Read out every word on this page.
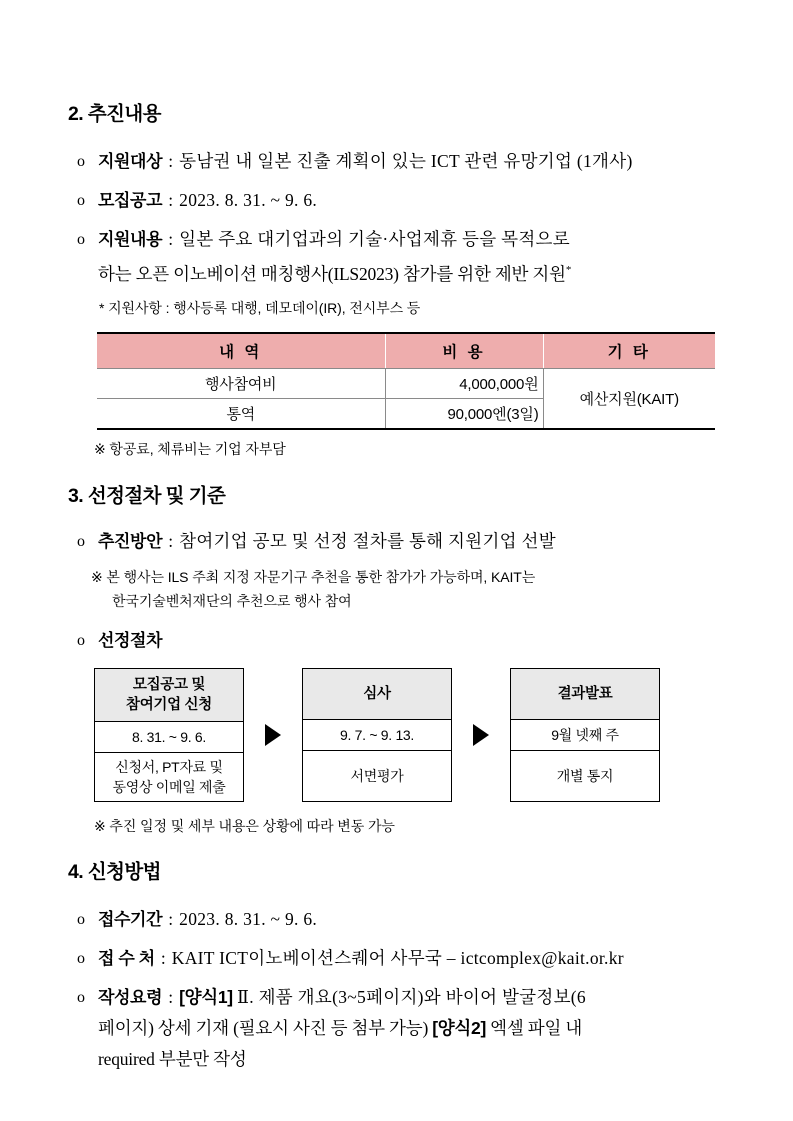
2. 추진내용
o 지원대상 : 동남권 내 일본 진출 계획이 있는 ICT 관련 유망기업 (1개사)
o 모집공고 : 2023. 8. 31. ~ 9. 6.
o 지원내용 : 일본 주요 대기업과의 기술·사업제휴 등을 목적으로
하는 오픈 이노베이션 매칭행사(ILS2023) 참가를 위한 제반 지원*

* 지원사항 : 행사등록 대행, 데모데이(IR), 전시부스 등

내 역	비 용	기 타
행사참여비	4,000,000원	예산지원(KAIT)
통역	90,000엔(3일)	

※ 항공료, 체류비는 기업 자부담

3. 선정절차 및 기준
o 추진방안 : 참여기업 공모 및 선정 절차를 통해 지원기업 선발

※ 본 행사는 ILS 주최 지정 자문기구 추천을 통한 참가가 가능하며, KAIT는

한국기술벤처재단의 추천으로 행사 참여

o 선정절차
모집공고 및
참여기업 신청
8. 31. ~ 9. 6.
신청서, PT자료 및
동영상 이메일 제출
심사
9. 7. ~ 9. 13.
서면평가
결과발표
9월 넷째 주
개별 통지

※ 추진 일정 및 세부 내용은 상황에 따라 변동 가능

4. 신청방법
o 접수기간 : 2023. 8. 31. ~ 9. 6.
o 접 수 처 : KAIT ICT이노베이션스퀘어 사무국 – ictcomplex@kait.or.kr
o 작성요령 : [양식1] Ⅱ. 제품 개요(3~5페이지)와 바이어 발굴정보(6
페이지) 상세 기재 (필요시 사진 등 첨부 가능) [양식2] 엑셀 파일 내
required 부분만 작성
